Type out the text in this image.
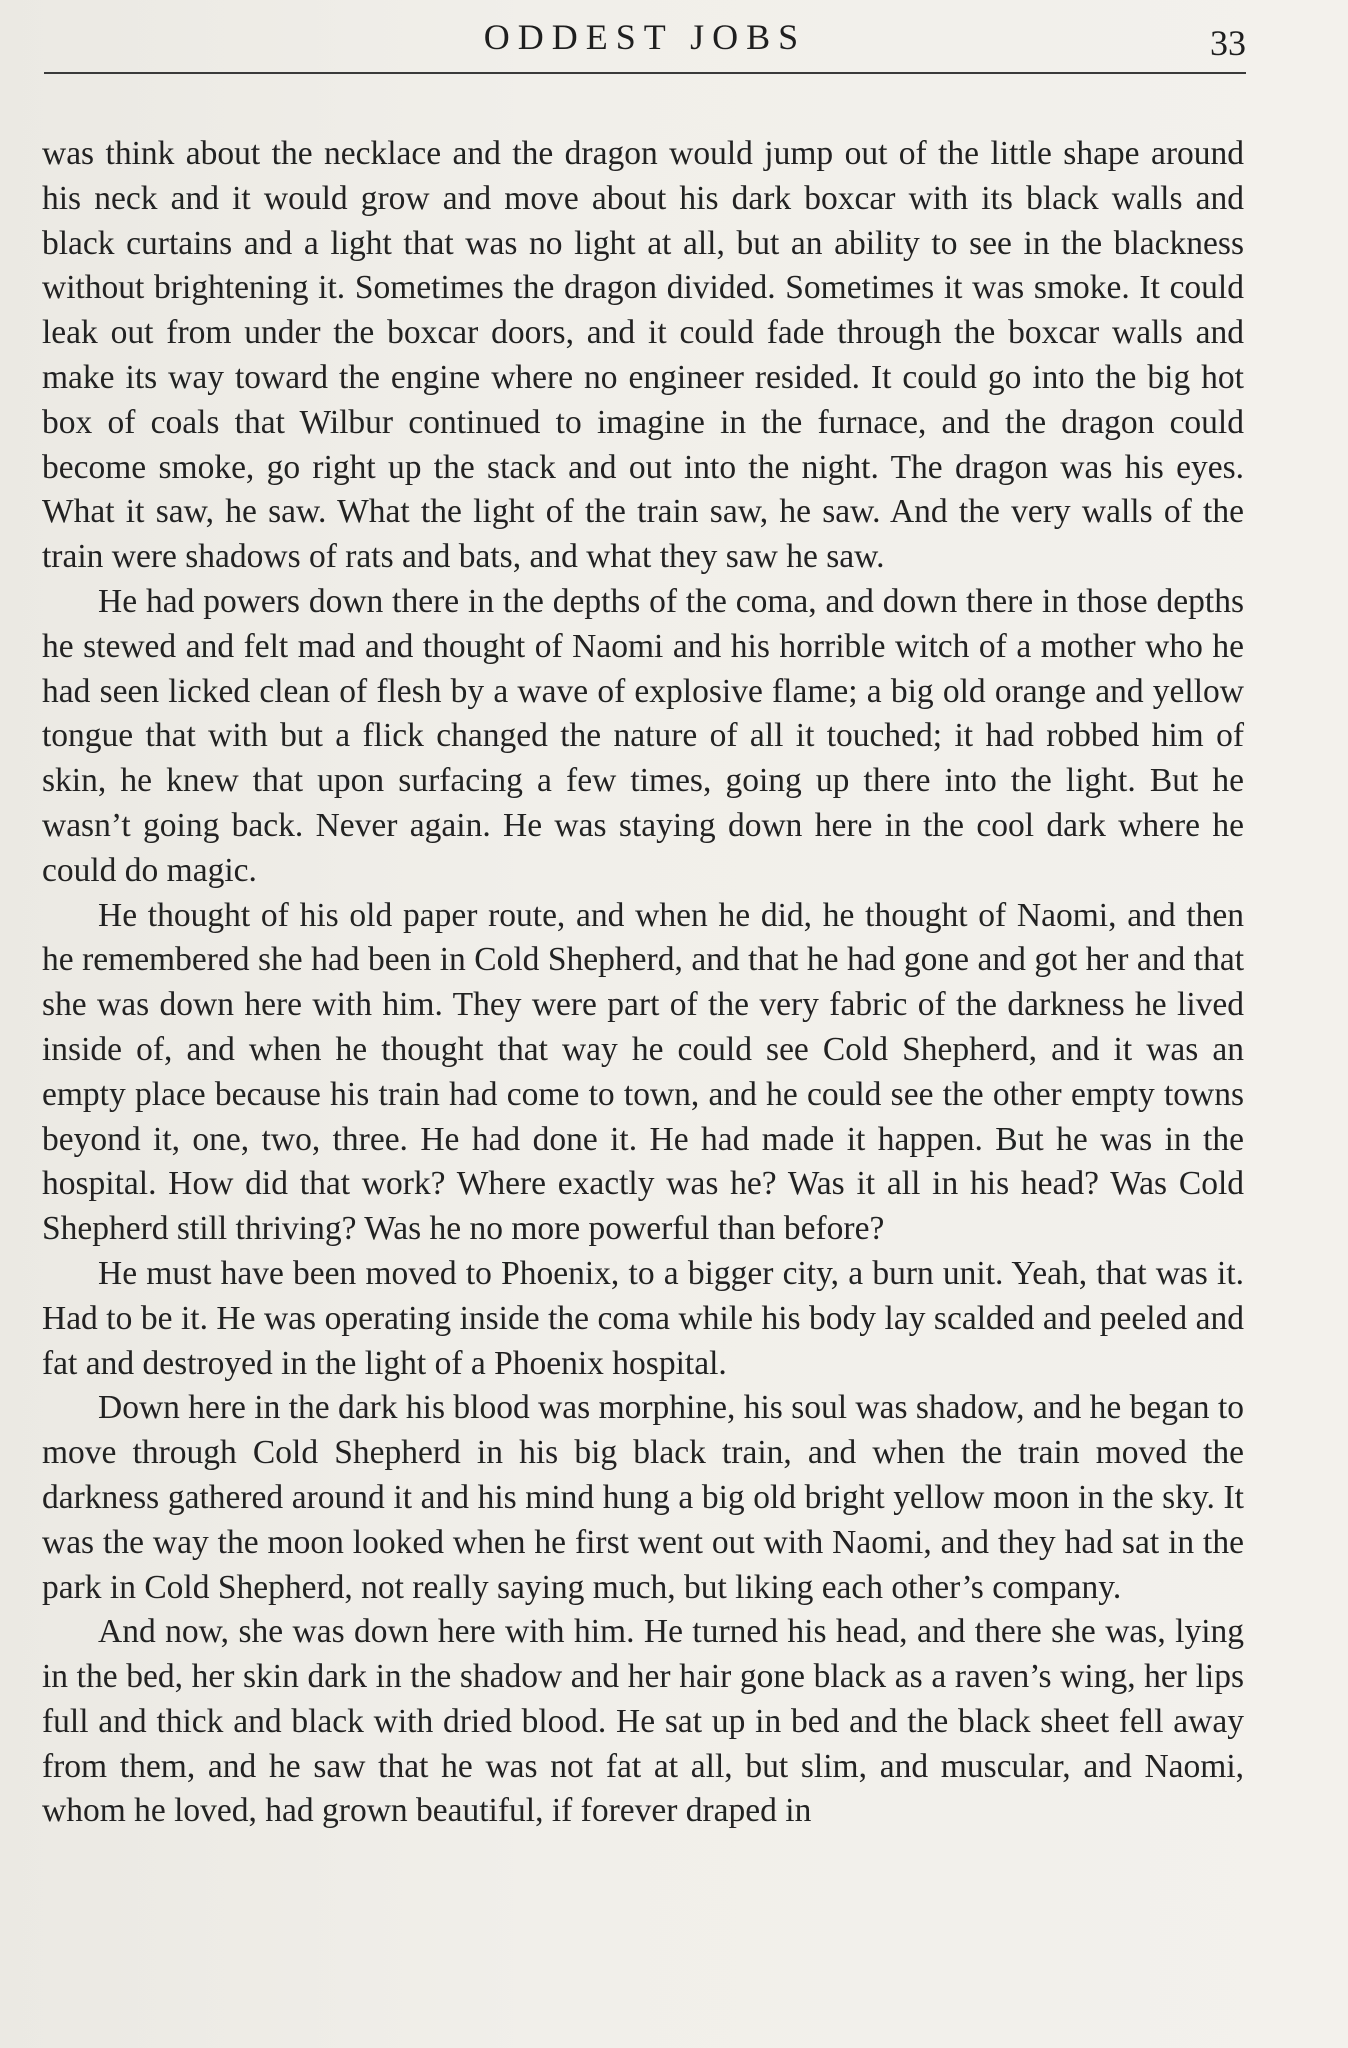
ODDEST JOBS	33

was think about the necklace and the dragon would jump out of the little shape around his neck and it would grow and move about his dark boxcar with its black walls and black curtains and a light that was no light at all, but an ability to see in the blackness without brightening it. Sometimes the dragon divided. Sometimes it was smoke. It could leak out from under the boxcar doors, and it could fade through the boxcar walls and make its way toward the engine where no engineer resided. It could go into the big hot box of coals that Wilbur continued to imagine in the furnace, and the dragon could become smoke, go right up the stack and out into the night. The dragon was his eyes. What it saw, he saw. What the light of the train saw, he saw. And the very walls of the train were shadows of rats and bats, and what they saw he saw.

He had powers down there in the depths of the coma, and down there in those depths he stewed and felt mad and thought of Naomi and his horrible witch of a mother who he had seen licked clean of flesh by a wave of explosive flame; a big old orange and yellow tongue that with but a flick changed the nature of all it touched; it had robbed him of skin, he knew that upon surfacing a few times, going up there into the light. But he wasn’t going back. Never again. He was staying down here in the cool dark where he could do magic.

He thought of his old paper route, and when he did, he thought of Naomi, and then he remembered she had been in Cold Shepherd, and that he had gone and got her and that she was down here with him. They were part of the very fabric of the darkness he lived inside of, and when he thought that way he could see Cold Shepherd, and it was an empty place because his train had come to town, and he could see the other empty towns beyond it, one, two, three. He had done it. He had made it happen. But he was in the hospital. How did that work? Where exactly was he? Was it all in his head? Was Cold Shepherd still thriving? Was he no more powerful than before?

He must have been moved to Phoenix, to a bigger city, a burn unit. Yeah, that was it. Had to be it. He was operating inside the coma while his body lay scalded and peeled and fat and destroyed in the light of a Phoenix hospital.

Down here in the dark his blood was morphine, his soul was shadow, and he began to move through Cold Shepherd in his big black train, and when the train moved the darkness gathered around it and his mind hung a big old bright yellow moon in the sky. It was the way the moon looked when he first went out with Naomi, and they had sat in the park in Cold Shepherd, not really saying much, but liking each other’s company.

And now, she was down here with him. He turned his head, and there she was, lying in the bed, her skin dark in the shadow and her hair gone black as a raven’s wing, her lips full and thick and black with dried blood. He sat up in bed and the black sheet fell away from them, and he saw that he was not fat at all, but slim, and muscular, and Naomi, whom he loved, had grown beautiful, if forever draped in
